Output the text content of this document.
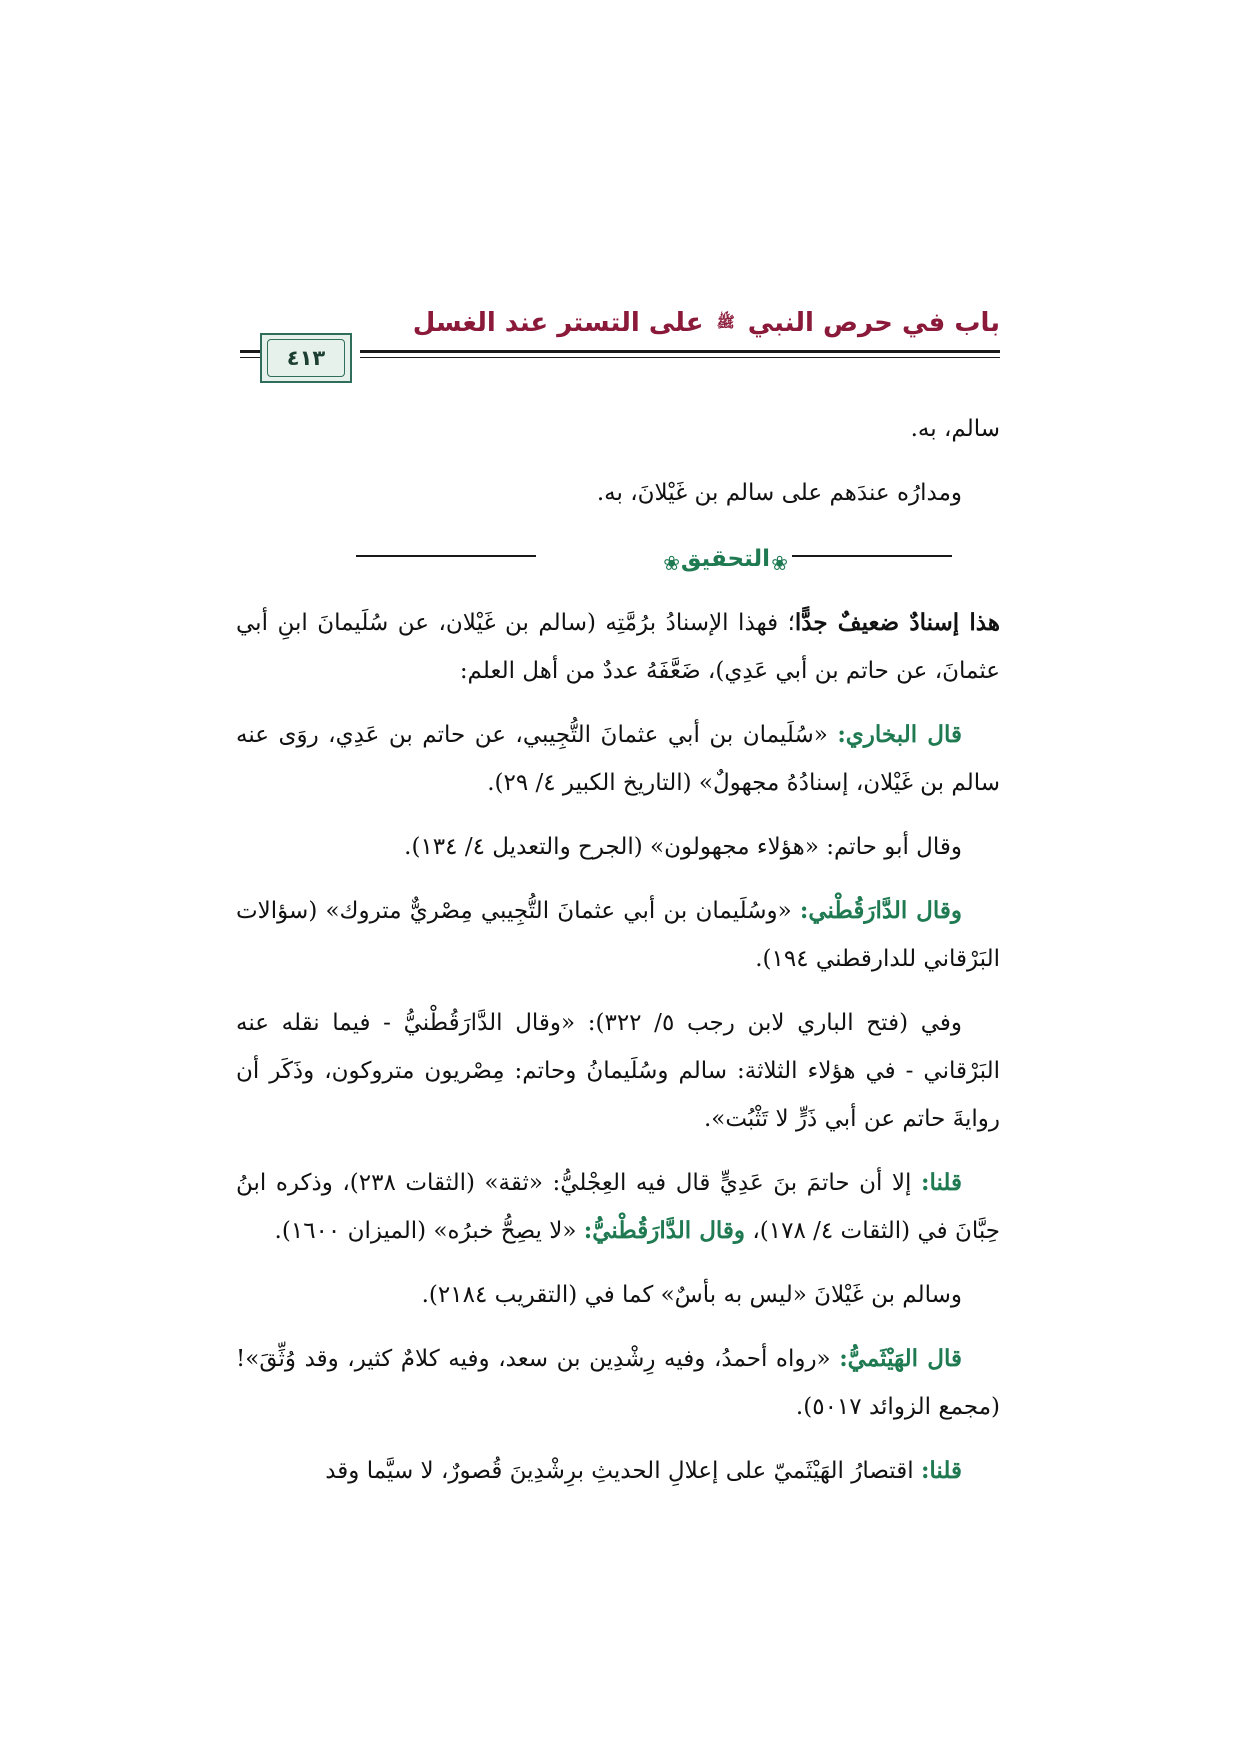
باب في حرص النبي ﷺ على التستر عند الغسل
٤١٣

سالم، به.

ومدارُه عندَهم على سالم بن غَيْلانَ، به.

❀
التحقيق
❀

هذا إسنادٌ ضعيفٌ جدًّا؛ فهذا الإسنادُ برُمَّتِه (سالم بن غَيْلان، عن سُلَيمانَ ابنِ أبي عثمانَ، عن حاتم بن أبي عَدِي)، ضَعَّفَهُ عددٌ من أهل العلم:

قال البخاري: «سُلَيمان بن أبي عثمانَ التُّجِيبي، عن حاتم بن عَدِي، روَى عنه سالم بن غَيْلان، إسنادُهُ مجهولٌ» (التاريخ الكبير ٤/ ٢٩).

وقال أبو حاتم: «هؤلاء مجهولون» (الجرح والتعديل ٤/ ١٣٤).

وقال الدَّارَقُطْني: «وسُلَيمان بن أبي عثمانَ التُّجِيبي مِصْريٌّ متروك» (سؤالات البَرْقاني للدارقطني ١٩٤).

وفي (فتح الباري لابن رجب ٥/ ٣٢٢): «وقال الدَّارَقُطْنيُّ - فيما نقله عنه البَرْقاني - في هؤلاء الثلاثة: سالم وسُلَيمانُ وحاتم: مِصْريون متروكون، وذَكَر أن روايةَ حاتم عن أبي ذَرٍّ لا تَثْبُت».

قلنا: إلا أن حاتمَ بنَ عَدِيٍّ قال فيه العِجْليُّ: «ثقة» (الثقات ٢٣٨)، وذكره ابنُ حِبَّانَ في (الثقات ٤/ ١٧٨)، وقال الدَّارَقُطْنيُّ: «لا يصِحُّ خبرُه» (الميزان ١٦٠٠).

وسالم بن غَيْلانَ «ليس به بأسٌ» كما في (التقريب ٢١٨٤).

قال الهَيْثَميُّ: «رواه أحمدُ، وفيه رِشْدِين بن سعد، وفيه كلامٌ كثير، وقد وُثِّقَ»! (مجمع الزوائد ٥٠١٧).

قلنا: اقتصارُ الهَيْثَميّ على إعلالِ الحديثِ برِشْدِينَ قُصورٌ، لا سيَّما وقد
